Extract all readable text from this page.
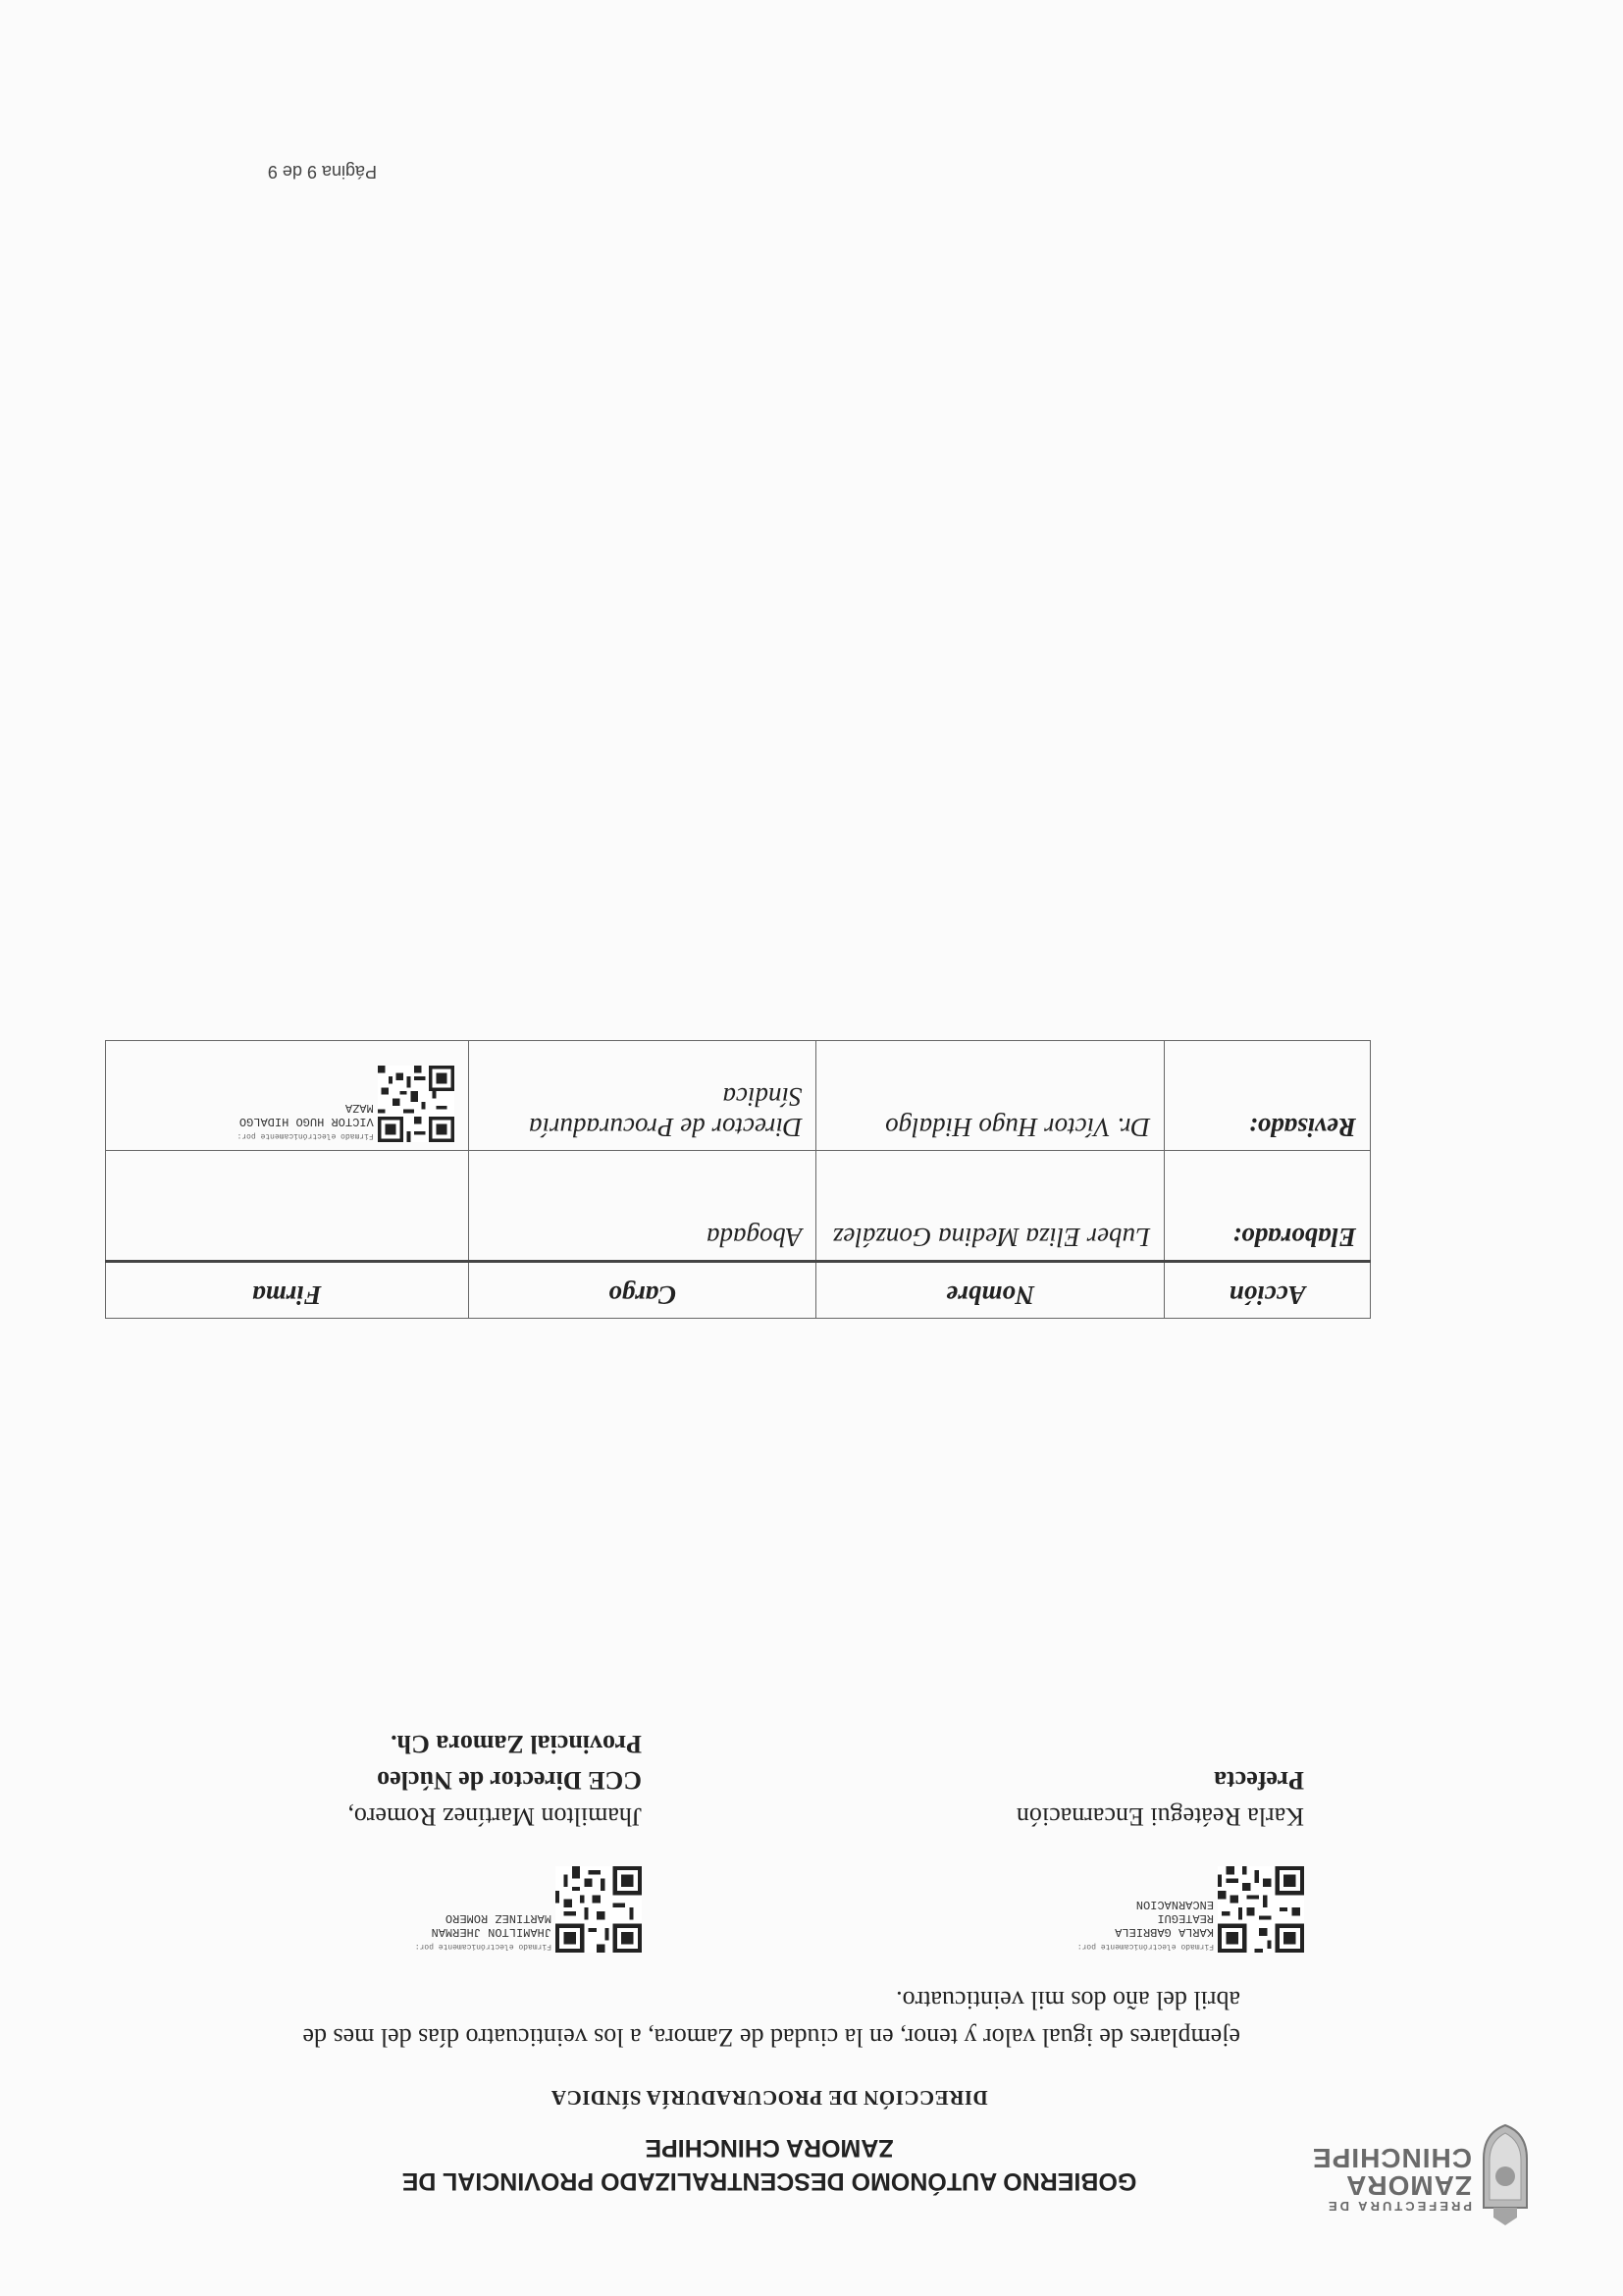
PREFECTURA DE
ZAMORA
CHINCHIPE
GOBIERNO AUTÓNOMO DESCENTRALIZADO PROVINCIAL DE
ZAMORA CHINCHIPE
DIRECCIÓN DE PROCURADURÍA SÍNDICA
ejemplares de igual valor y tenor, en la ciudad de Zamora, a los veinticuatro días del mes de abril del año dos mil veinticuatro.
Firmado electrónicamente por:
KARLA GABRIELA
REATEGUI
ENCARNACION
Karla Reátegui Encarnación
Prefecta
Firmado electrónicamente por:
JHAMILTON JHERMAN
MARTINEZ ROMERO
Jhamilton Martínez Romero,
CCE Director de Núcleo
Provincial Zamora Ch.
Acción	Nombre	Cargo	Firma
Elaborado:	Luber Eliza Medina González	Abogada	
Revisado:	Dr. Víctor Hugo Hidalgo	Director de Procuraduría Síndica	Firmado electrónicamente por:
VICTOR HUGO HIDALGO
MAZA
Página 9 de 9
